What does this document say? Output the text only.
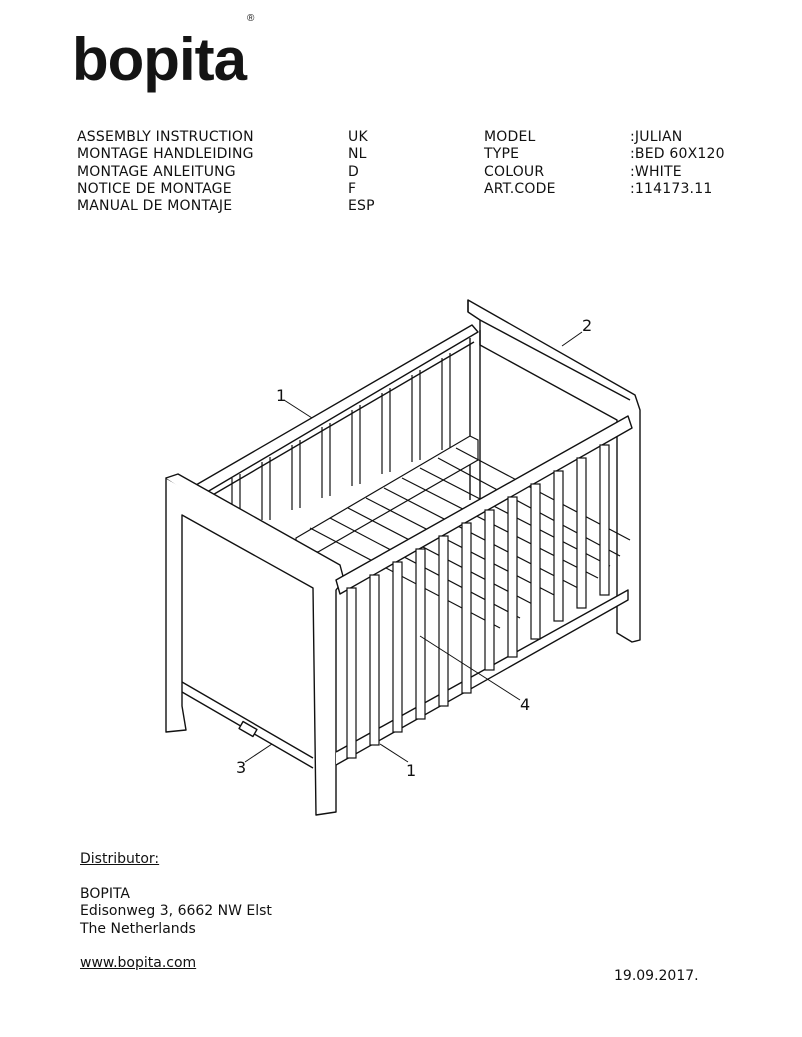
bopita®
ASSEMBLY INSTRUCTION
MONTAGE HANDLEIDING
MONTAGE ANLEITUNG
NOTICE DE MONTAGE
MANUAL DE MONTAJE
UK
NL
D
F
ESP
MODEL
TYPE
COLOUR
ART.CODE
:JULIAN
:BED 60X120
:WHITE
:114173.11
1
2
3	1
4
Distributor:
BOPITA
Edisonweg 3, 6662 NW Elst
The Netherlands
www.bopita.com
19.09.2017.
